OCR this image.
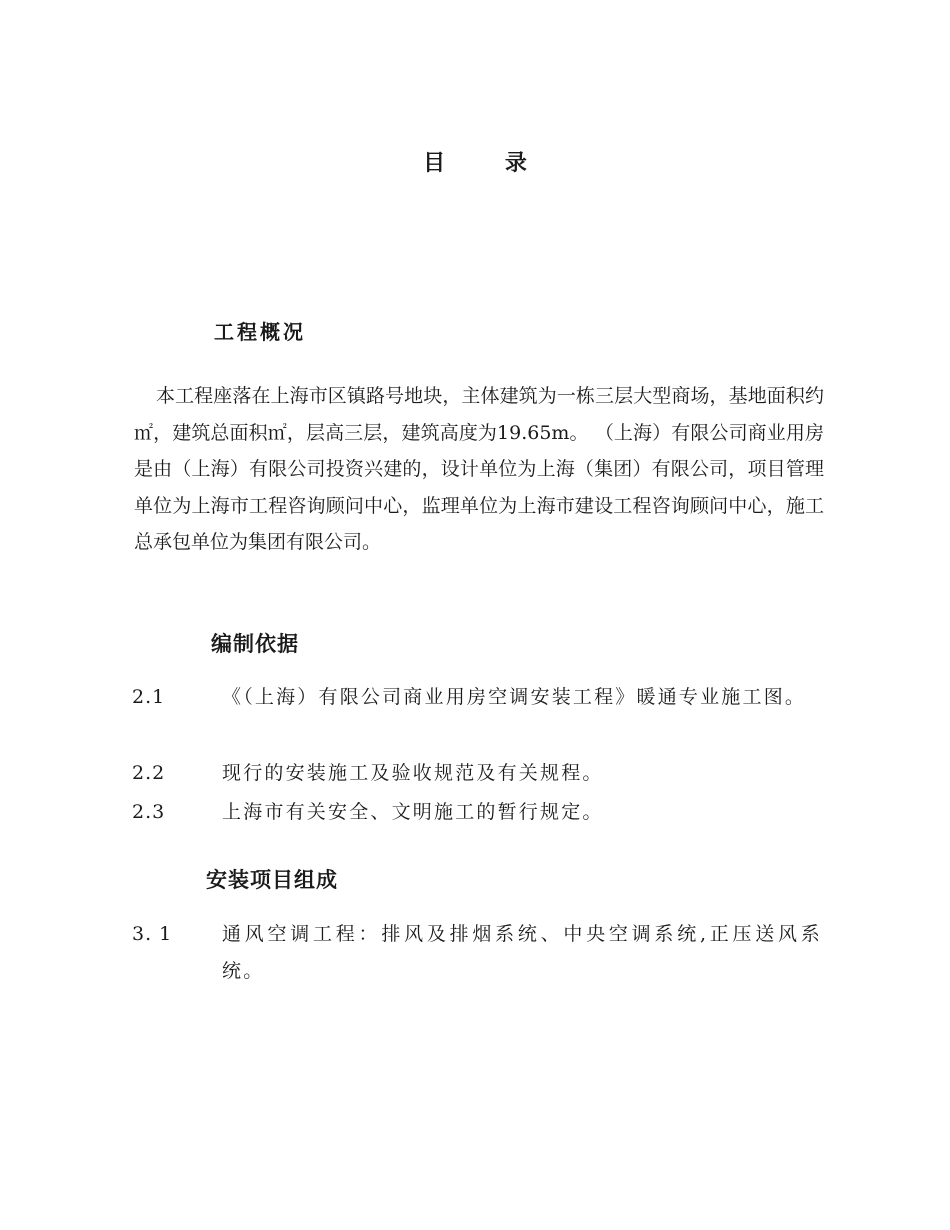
目 录
工程概况
本工程座落在上海市区镇路号地块，主体建筑为一栋三层大型商场，基地面积约㎡，建筑总面积㎡，层高三层，建筑高度为19.65m。 （上海）有限公司商业用房是由（上海）有限公司投资兴建的，设计单位为上海（集团）有限公司，项目管理单位为上海市工程咨询顾问中心，监理单位为上海市建设工程咨询顾问中心，施工总承包单位为集团有限公司。
编制依据
2.1	《（上海）有限公司商业用房空调安装工程》暖通专业施工图。
2.2	现行的安装施工及验收规范及有关规程。
2.3	上海市有关安全、文明施工的暂行规定。
安装项目组成
3. 1	通风空调工程：排风及排烟系统、中央空调系统,正压送风系统。
